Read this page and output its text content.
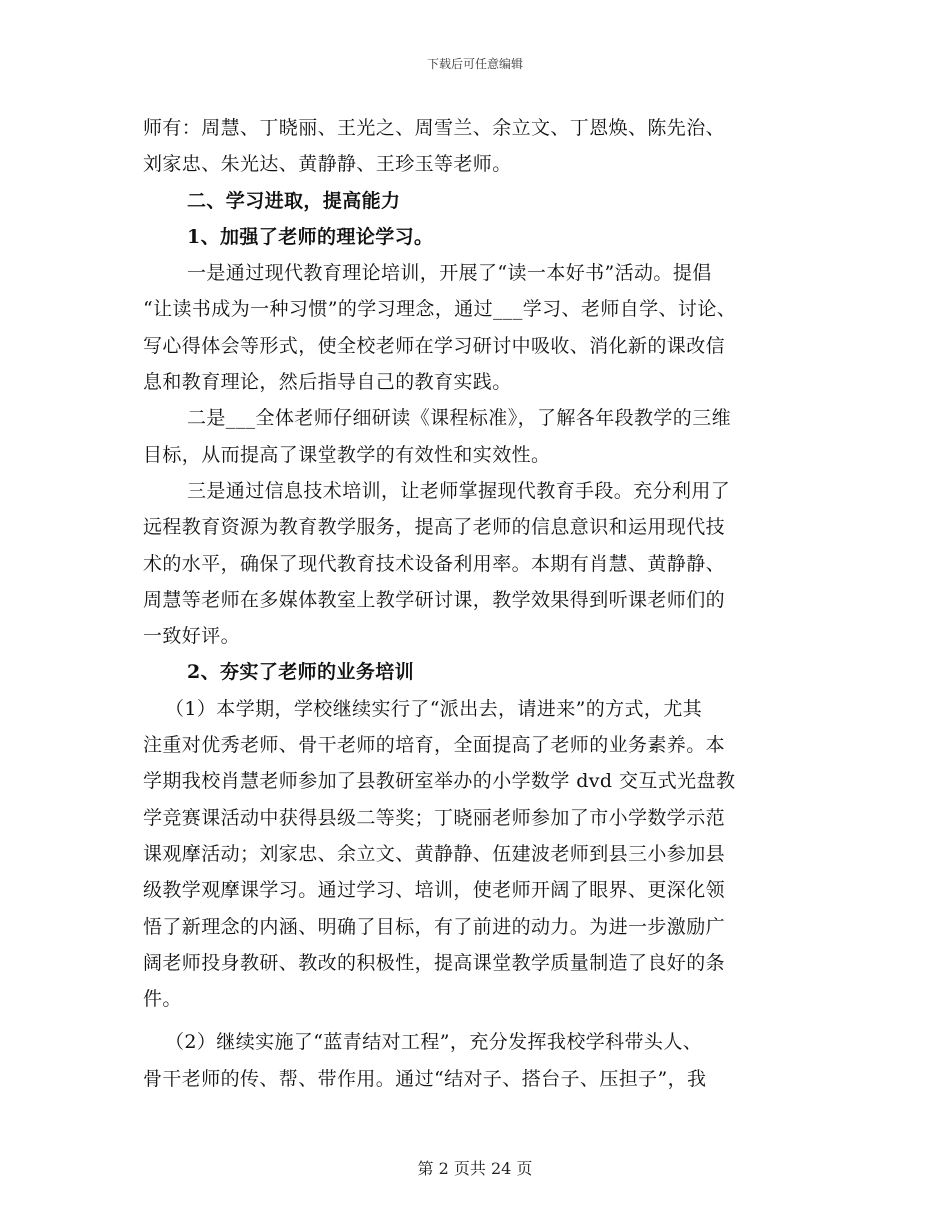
下载后可任意编辑
师有：周慧、丁晓丽、王光之、周雪兰、余立文、丁恩焕、陈先治、
刘家忠、朱光达、黄静静、王珍玉等老师。
二、学习进取，提高能力
1、加强了老师的理论学习。
一是通过现代教育理论培训，开展了“读一本好书”活动。提倡
“让读书成为一种习惯”的学习理念，通过___学习、老师自学、讨论、
写心得体会等形式，使全校老师在学习研讨中吸收、消化新的课改信
息和教育理论，然后指导自己的教育实践。
二是___全体老师仔细研读《课程标准》，了解各年段教学的三维
目标，从而提高了课堂教学的有效性和实效性。
三是通过信息技术培训，让老师掌握现代教育手段。充分利用了
远程教育资源为教育教学服务，提高了老师的信息意识和运用现代技
术的水平，确保了现代教育技术设备利用率。本期有肖慧、黄静静、
周慧等老师在多媒体教室上教学研讨课，教学效果得到听课老师们的
一致好评。
2、夯实了老师的业务培训
（1）本学期，学校继续实行了“派出去，请进来”的方式，尤其
注重对优秀老师、骨干老师的培育，全面提高了老师的业务素养。本
学期我校肖慧老师参加了县教研室举办的小学数学 dvd 交互式光盘教
学竞赛课活动中获得县级二等奖；丁晓丽老师参加了市小学数学示范
课观摩活动；刘家忠、余立文、黄静静、伍建波老师到县三小参加县
级教学观摩课学习。通过学习、培训，使老师开阔了眼界、更深化领
悟了新理念的内涵、明确了目标，有了前进的动力。为进一步激励广
阔老师投身教研、教改的积极性，提高课堂教学质量制造了良好的条
件。
（2）继续实施了“蓝青结对工程”，充分发挥我校学科带头人、
骨干老师的传、帮、带作用。通过“结对子、搭台子、压担子”，我
第 2 页共 24 页
